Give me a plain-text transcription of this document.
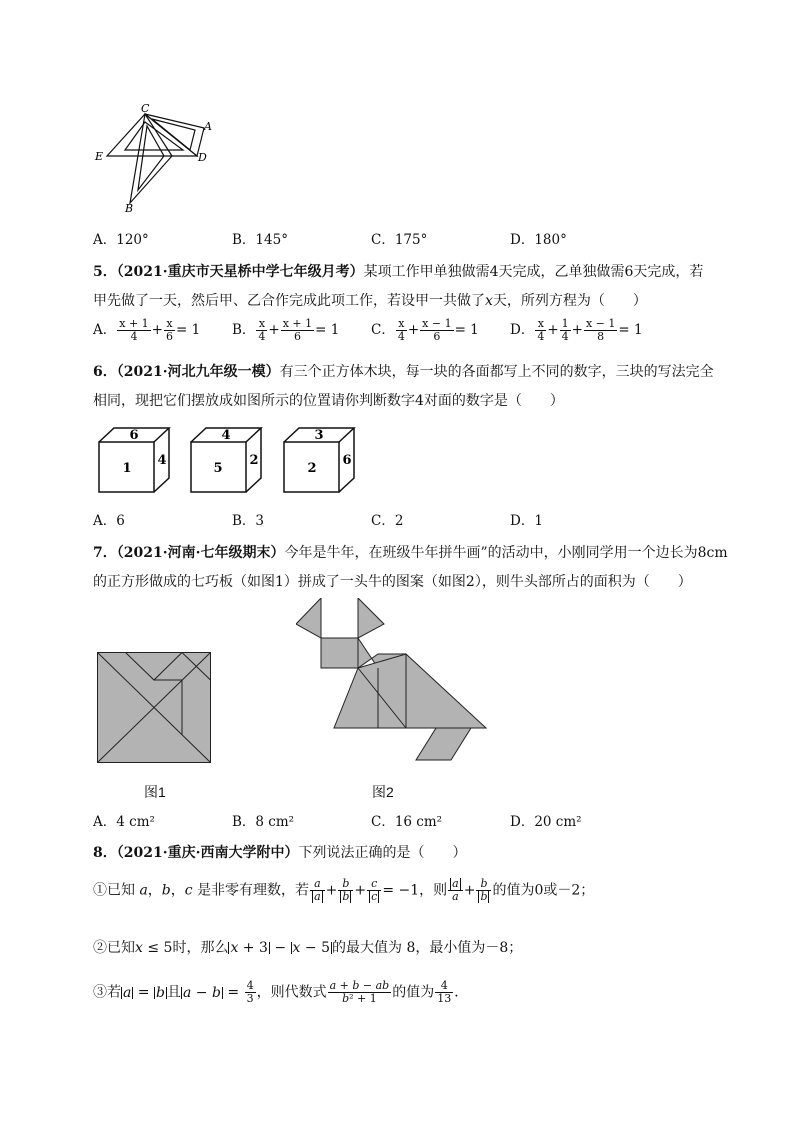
C
A
E	D
B
A．120°	B．145°	C．175°	D．180°
5．（2021·重庆市天星桥中学七年级月考）某项工作甲单独做需4天完成，乙单独做需6天完成，若
甲先做了一天，然后甲、乙合作完成此项工作，若设甲一共做了x天，所列方程为（　　）
A． $\frac{x + 1}{4} + \frac{x}{6} = 1$ B． $\frac{x}{4} + \frac{x + 1}{6} = 1$ C． $\frac{x}{4} + \frac{x - 1}{6} = 1$ D． $\frac{x}{4} + \frac{1}{4} + \frac{x - 1}{8} = 1$
6．（2021·河北九年级一模）有三个正方体木块，每一块的各面都写上不同的数字，三块的写法完全
相同，现把它们摆放成如图所示的位置请你判断数字4对面的数字是（　　）
6
1
4
4
5
2
3
2
6
A．6	B．3	C．2	D．1
7．（2021·河南·七年级期末）今年是牛年，在班级牛年拼牛画”的活动中，小刚同学用一个边长为8cm
的正方形做成的七巧板（如图1）拼成了一头牛的图案（如图2），则牛头部所占的面积为（　　）
图1	图2
A．4 cm²	B．8 cm²	C．16 cm²	D．20 cm²
8．（2021·重庆·西南大学附中）下列说法正确的是（　　）
①已知 a，b，c 是非零有理数，若 $\frac{a}{a} + \frac{b}{b} + \frac{c}{c} = -1$，则 $\frac{a}{a} + \frac{b}{b}$ 的值为0或－2；
②已知x ≤ 5时，那么 x + 3 − x − 5 的最大值为 8，最小值为－8；
③若 a = b 且 $a - b = \frac{4}{3}$ ，则代数式 $\frac{a + b - ab}{\text{b² + 1}}$ 的值为 $\frac{4}{13}$ ．
